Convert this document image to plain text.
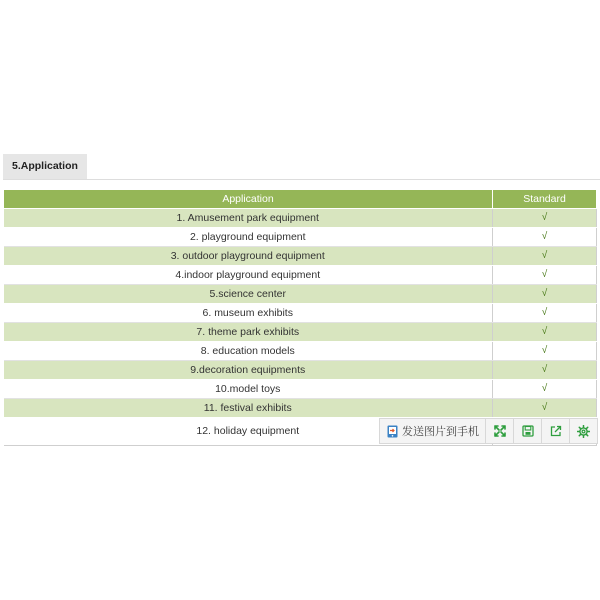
5.Application
Application	Standard
1. Amusement park equipment	√
2. playground equipment	√
3. outdoor playground equipment	√
4.indoor playground equipment	√
5.science center	√
6. museum exhibits	√
7. theme park exhibits	√
8. education models	√
9.decoration equipments	√
10.model toys	√
11. festival exhibits	√
12. holiday equipment		发送图片到手机
